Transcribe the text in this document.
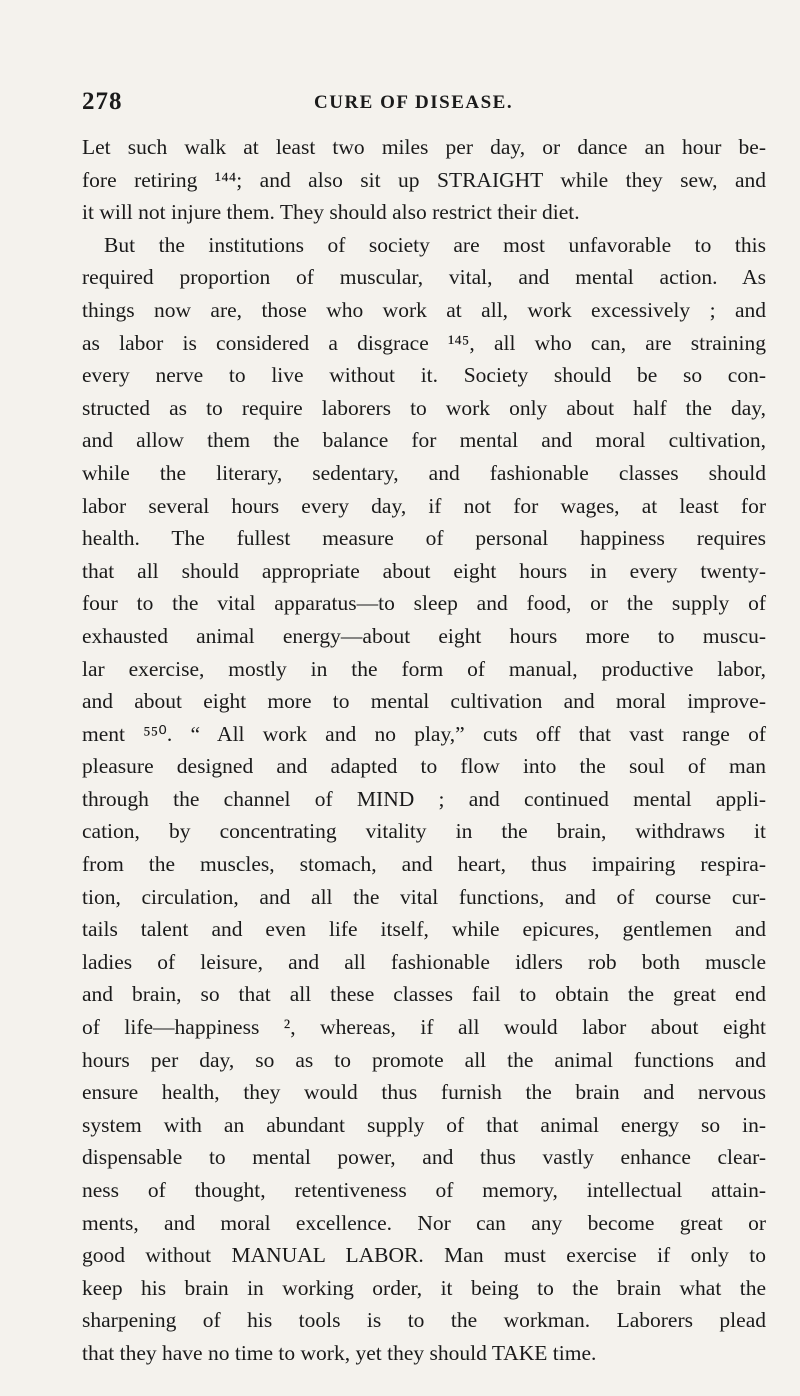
278	CURE OF DISEASE.
Let such walk at least two miles per day, or dance an hour be-
fore retiring ¹⁴⁴; and also sit up STRAIGHT while they sew, and
it will not injure them. They should also restrict their diet.
But the institutions of society are most unfavorable to this
required proportion of muscular, vital, and mental action. As
things now are, those who work at all, work excessively ; and
as labor is considered a disgrace ¹⁴⁵, all who can, are straining
every nerve to live without it. Society should be so con-
structed as to require laborers to work only about half the day,
and allow them the balance for mental and moral cultivation,
while the literary, sedentary, and fashionable classes should
labor several hours every day, if not for wages, at least for
health. The fullest measure of personal happiness requires
that all should appropriate about eight hours in every twenty-
four to the vital apparatus—to sleep and food, or the supply of
exhausted animal energy—about eight hours more to muscu-
lar exercise, mostly in the form of manual, productive labor,
and about eight more to mental cultivation and moral improve-
ment ⁵⁵⁰. “ All work and no play,” cuts off that vast range of
pleasure designed and adapted to flow into the soul of man
through the channel of MIND ; and continued mental appli-
cation, by concentrating vitality in the brain, withdraws it
from the muscles, stomach, and heart, thus impairing respira-
tion, circulation, and all the vital functions, and of course cur-
tails talent and even life itself, while epicures, gentlemen and
ladies of leisure, and all fashionable idlers rob both muscle
and brain, so that all these classes fail to obtain the great end
of life—happiness ², whereas, if all would labor about eight
hours per day, so as to promote all the animal functions and
ensure health, they would thus furnish the brain and nervous
system with an abundant supply of that animal energy so in-
dispensable to mental power, and thus vastly enhance clear-
ness of thought, retentiveness of memory, intellectual attain-
ments, and moral excellence. Nor can any become great or
good without MANUAL LABOR. Man must exercise if only to
keep his brain in working order, it being to the brain what the
sharpening of his tools is to the workman. Laborers plead
that they have no time to work, yet they should TAKE time.
